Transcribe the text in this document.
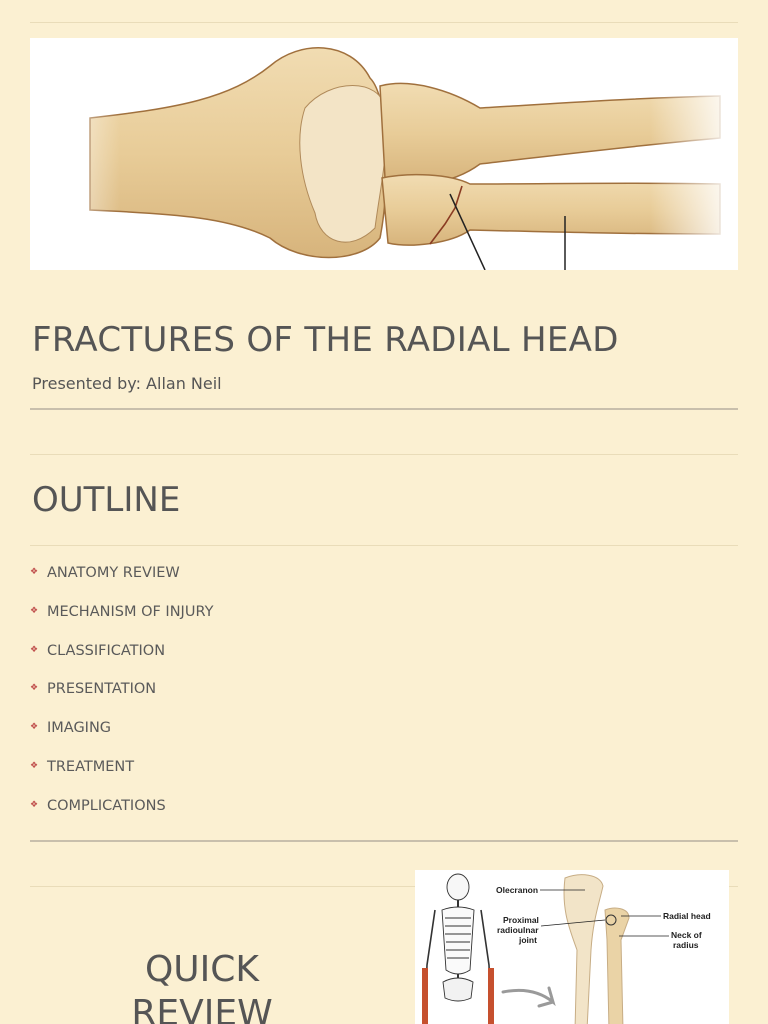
FRACTURES OF THE RADIAL HEAD

Presented by: Allan Neil

OUTLINE
❖ ANATOMY REVIEW
❖ MECHANISM OF INJURY
❖ CLASSIFICATION
❖ PRESENTATION
❖ IMAGING
❖ TREATMENT
❖ COMPLICATIONS
QUICK
REVIEW
Olecranon
Proximal
radioulnar
joint
Radial head
Neck of
radius
